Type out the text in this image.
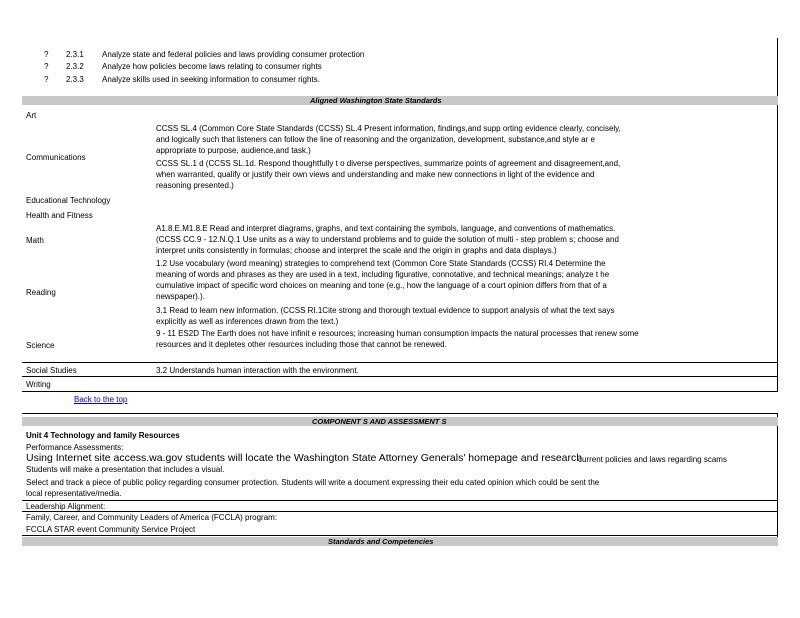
? 2.3.1 Analyze state and federal policies and laws providing consumer protection
? 2.3.2 Analyze how policies become laws relating to consumer rights
? 2.3.3 Analyze skills used in seeking information to consumer rights.
Aligned Washington State Standards
Art
Communications
Educational Technology
Health and Fitness
Math
Reading
Science
Social Studies
Writing
CCSS SL.4 (Common Core State Standards (CCSS) SL.4 Present information, findings,and supp orting evidence clearly, concisely,
and logically such that listeners can follow the line of reasoning and the organization, development, substance,and style ar e
appropriate to purpose, audience,and task.)
CCSS SL.1 d (CCSS SL.1d. Respond thoughtfully t o diverse perspectives, summarize points of agreement and disagreement,and,
when warranted, qualify or justify their own views and understanding and make new connections in light of the evidence and
reasoning presented.)
A1.8.E.M1.8.E Read and interpret diagrams, graphs, and text containing the symbols, language, and conventions of mathematics.
(CCSS CC.9 - 12.N.Q.1 Use units as a way to understand problems and to guide the solution of multi - step problem s; choose and
interpret units consistently in formulas; choose and interpret the scale and the origin in graphs and data displays.)
1.2 Use vocabulary (word meaning) strategies to comprehend text (Common Core State Standards (CCSS) RI.4 Determine the
meaning of words and phrases as they are used in a text, including figurative, connotative, and technical meanings; analyze t he
cumulative impact of specific word choices on meaning and tone (e.g., how the language of a court opinion differs from that of a
newspaper).).
3.1 Read to learn new information. (CCSS RI.1Cite strong and thorough textual evidence to support analysis of what the text says
explicitly as well as inferences drawn from the text.)
9 - 11 ES2D The Earth does not have infinit e resources; increasing human consumption impacts the natural processes that renew some
resources and it depletes other resources including those that cannot be renewed.
3.2 Understands human interaction with the environment.
Back to the top
COMPONENT S AND ASSESSMENT S
Unit 4 Technology and family Resources
Performance Assessments:
Using Internet site access.wa.gov students will locate the Washington State Attorney Generals' homepage and research
current policies and laws regarding scams
Students will make a presentation that includes a visual.
Select and track a piece of public policy regarding consumer protection. Students will write a document expressing their edu cated opinion which could be sent the
local representative/media.
Leadership Alignment:
Family, Career, and Community Leaders of America (FCCLA) program:
FCCLA STAR event Community Service Project
Standards and Competencies
